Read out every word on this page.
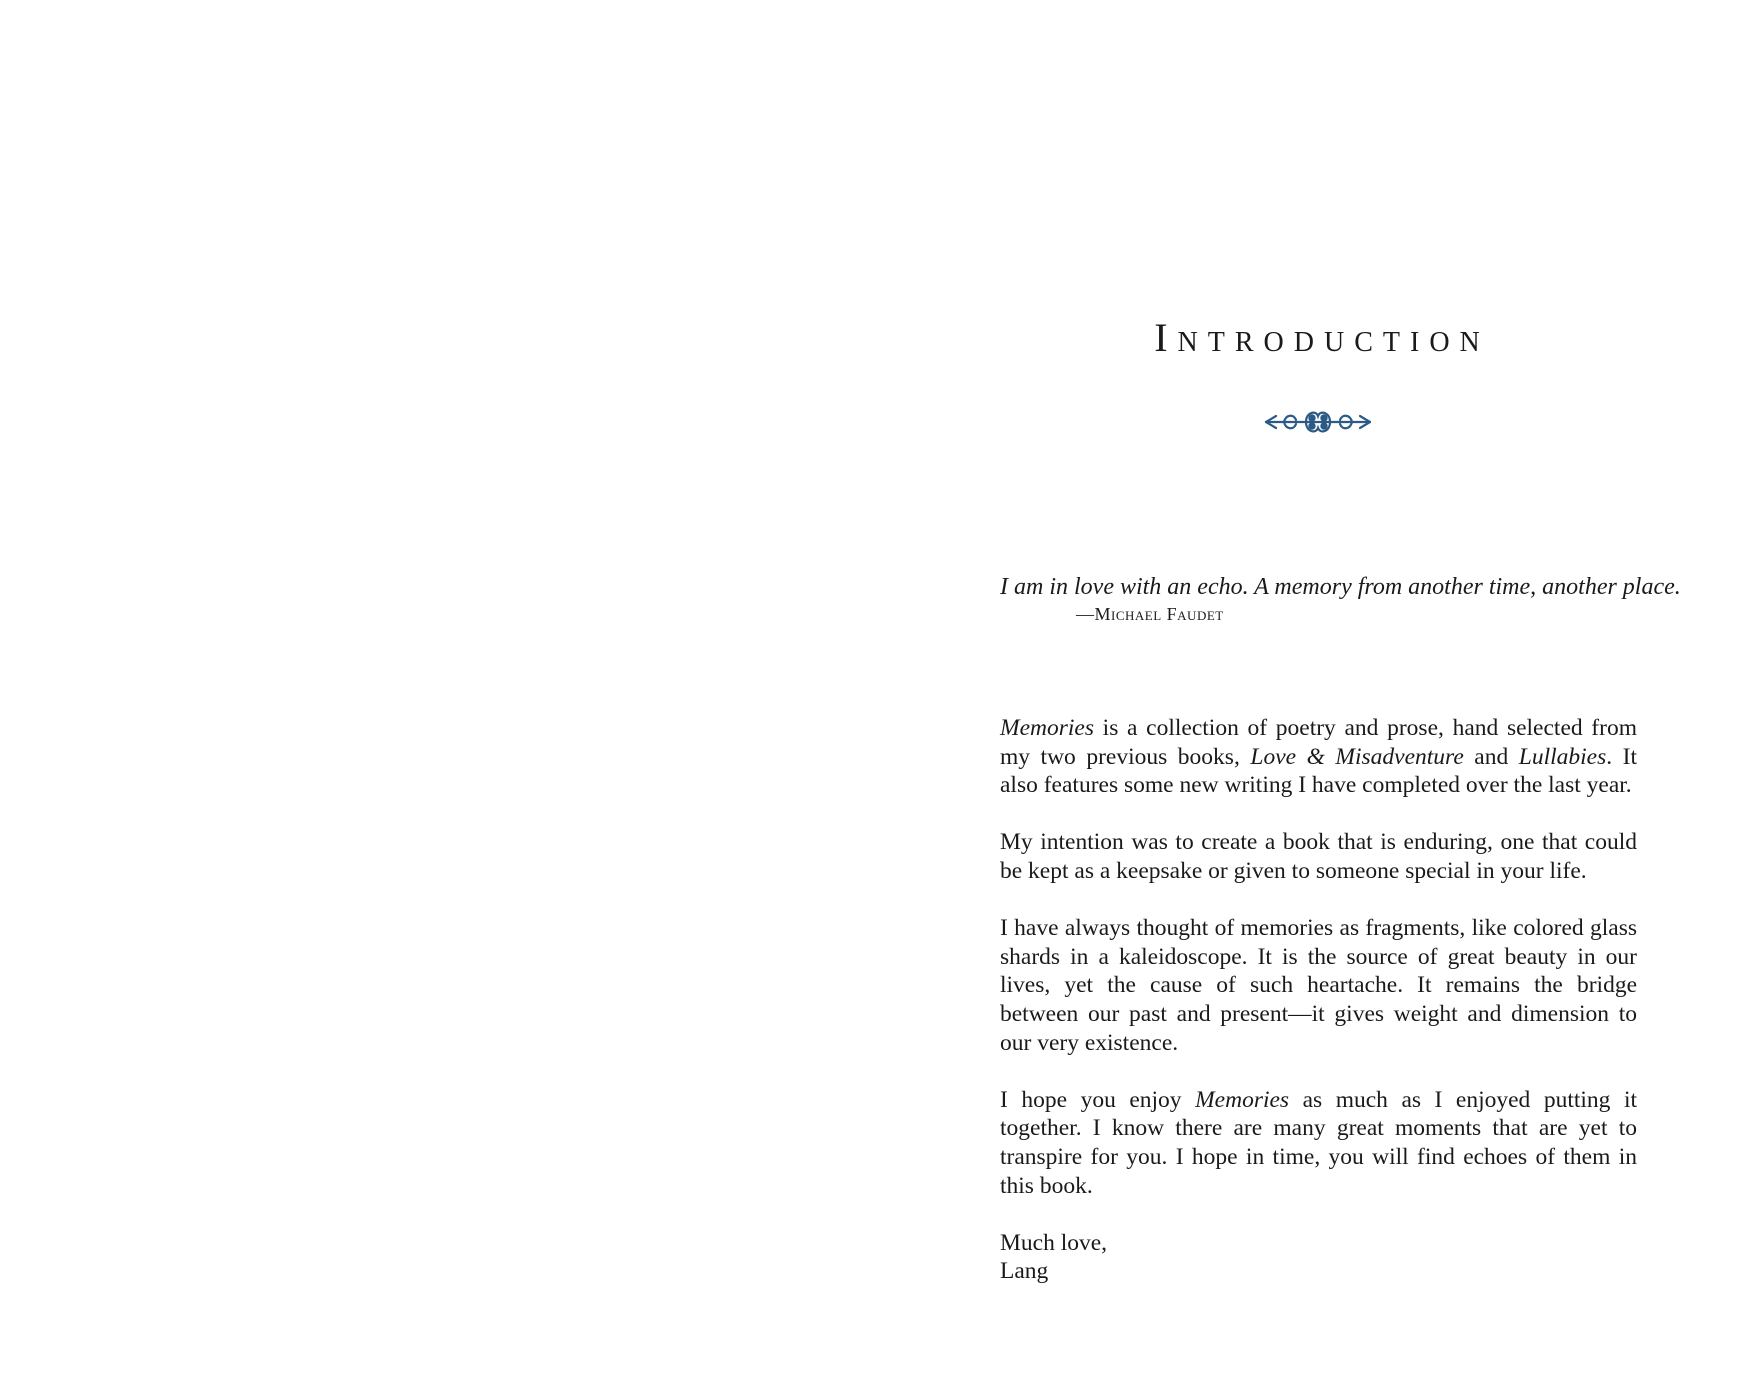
Introduction

I am in love with an echo. A memory from another time, another place.

—Michael Faudet

Memories is a collection of poetry and prose, hand selected from my two previous books, Love & Misadventure and Lullabies. It also features some new writing I have completed over the last year.

My intention was to create a book that is enduring, one that could be kept as a keepsake or given to someone special in your life.

I have always thought of memories as fragments, like colored glass shards in a kaleidoscope. It is the source of great beauty in our lives, yet the cause of such heartache. It remains the bridge between our past and present—it gives weight and dimension to our very existence.

I hope you enjoy Memories as much as I enjoyed putting it together. I know there are many great moments that are yet to transpire for you. I hope in time, you will find echoes of them in this book.

Much love,
Lang
